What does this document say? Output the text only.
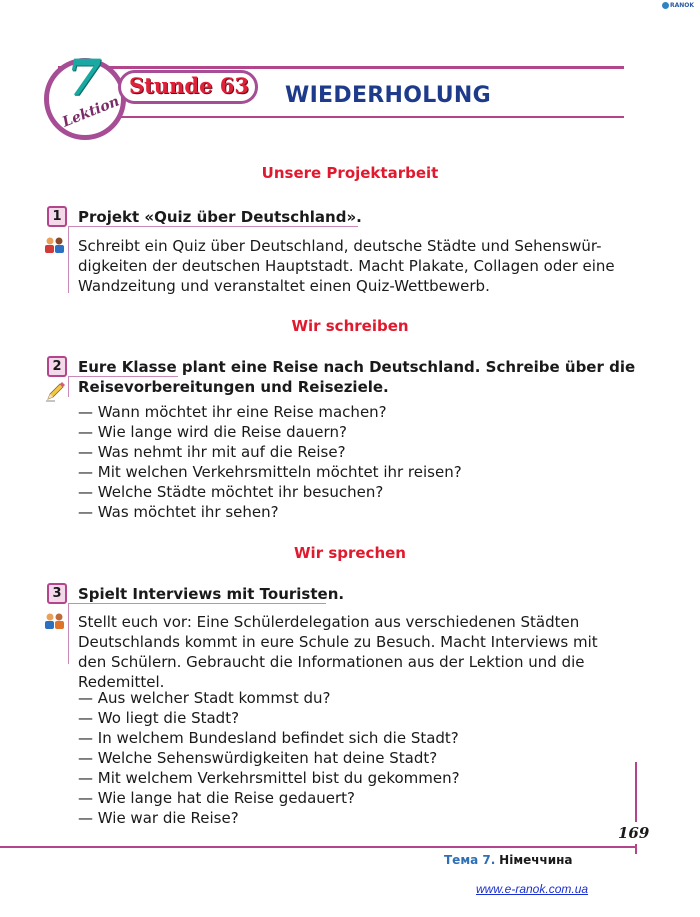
RANOK
7
Lektion
Stunde 63 WIEDERHOLUNG
Unsere Projektarbeit
1	Projekt «Quiz über Deutschland».
Schreibt ein Quiz über Deutschland, deutsche Städte und Sehenswür-
digkeiten der deutschen Hauptstadt. Macht Plakate, Collagen oder eine
Wandzeitung und veranstaltet einen Quiz-Wettbewerb.
Wir schreiben
2	Eure Klasse plant eine Reise nach Deutschland. Schreibe über die
Reisevorbereitungen und Reiseziele.
— Wann möchtet ihr eine Reise machen?
— Wie lange wird die Reise dauern?
— Was nehmt ihr mit auf die Reise?
— Mit welchen Verkehrsmitteln möchtet ihr reisen?
— Welche Städte möchtet ihr besuchen?
— Was möchtet ihr sehen?
Wir sprechen
3	Spielt Interviews mit Touristen.
Stellt euch vor: Eine Schülerdelegation aus verschiedenen Städten
Deutschlands kommt in eure Schule zu Besuch. Macht Interviews mit
den Schülern. Gebraucht die Informationen aus der Lektion und die
Redemittel.
— Aus welcher Stadt kommst du?
— Wo liegt die Stadt?
— In welchem Bundesland befindet sich die Stadt?
— Welche Sehenswürdigkeiten hat deine Stadt?
— Mit welchem Verkehrsmittel bist du gekommen?
— Wie lange hat die Reise gedauert?
— Wie war die Reise?
169
Тема 7. Німеччина
www.e-ranok.com.ua
